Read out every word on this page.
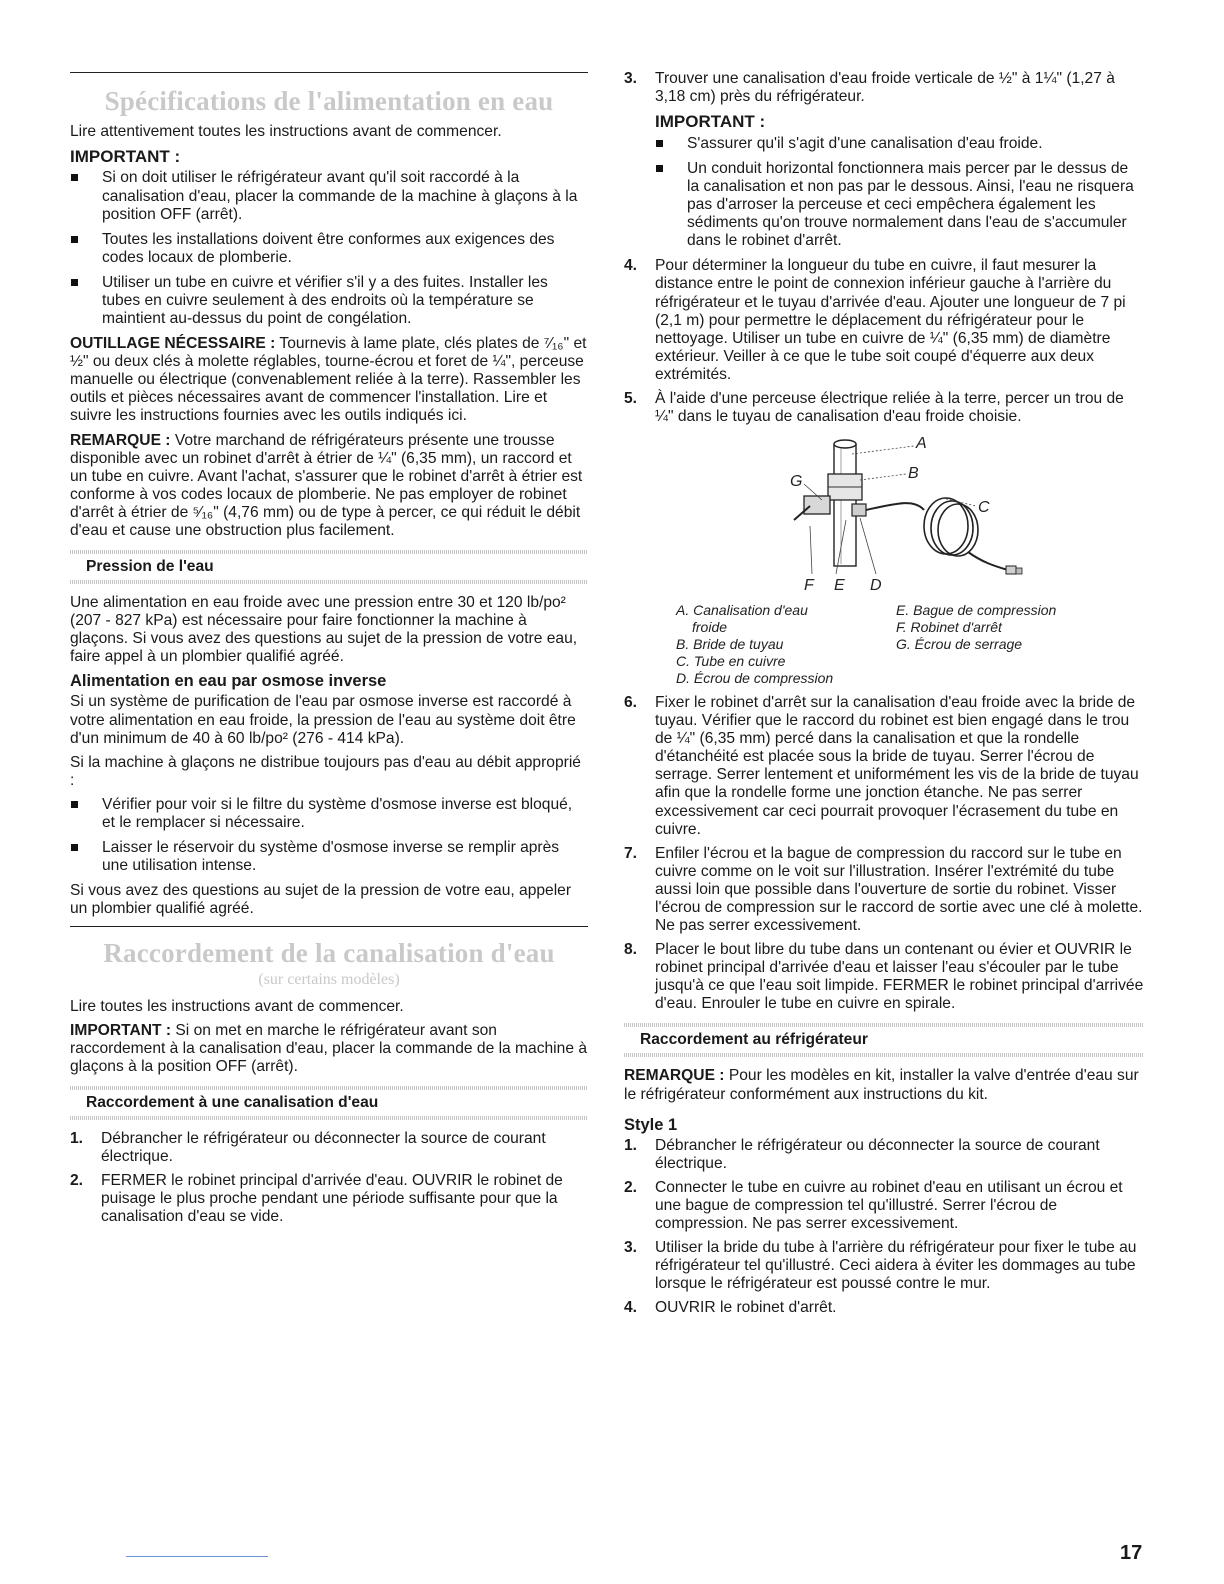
Spécifications de l'alimentation en eau

Lire attentivement toutes les instructions avant de commencer.

IMPORTANT :
Si on doit utiliser le réfrigérateur avant qu'il soit raccordé à la canalisation d'eau, placer la commande de la machine à glaçons à la position OFF (arrêt).
Toutes les installations doivent être conformes aux exigences des codes locaux de plomberie.
Utiliser un tube en cuivre et vérifier s'il y a des fuites. Installer les tubes en cuivre seulement à des endroits où la température se maintient au-dessus du point de congélation.

OUTILLAGE NÉCESSAIRE : Tournevis à lame plate, clés plates de ⁷⁄₁₆" et ½" ou deux clés à molette réglables, tourne-écrou et foret de ¼", perceuse manuelle ou électrique (convenablement reliée à la terre). Rassembler les outils et pièces nécessaires avant de commencer l'installation. Lire et suivre les instructions fournies avec les outils indiqués ici.

REMARQUE : Votre marchand de réfrigérateurs présente une trousse disponible avec un robinet d'arrêt à étrier de ¼" (6,35 mm), un raccord et un tube en cuivre. Avant l'achat, s'assurer que le robinet d'arrêt à étrier est conforme à vos codes locaux de plomberie. Ne pas employer de robinet d'arrêt à étrier de ⁵⁄₁₆" (4,76 mm) ou de type à percer, ce qui réduit le débit d'eau et cause une obstruction plus facilement.

Pression de l'eau

Une alimentation en eau froide avec une pression entre 30 et 120 lb/po² (207 - 827 kPa) est nécessaire pour faire fonctionner la machine à glaçons. Si vous avez des questions au sujet de la pression de votre eau, faire appel à un plombier qualifié agréé.

Alimentation en eau par osmose inverse

Si un système de purification de l'eau par osmose inverse est raccordé à votre alimentation en eau froide, la pression de l'eau au système doit être d'un minimum de 40 à 60 lb/po² (276 - 414 kPa).

Si la machine à glaçons ne distribue toujours pas d'eau au débit approprié :

Vérifier pour voir si le filtre du système d'osmose inverse est bloqué, et le remplacer si nécessaire.
Laisser le réservoir du système d'osmose inverse se remplir après une utilisation intense.

Si vous avez des questions au sujet de la pression de votre eau, appeler un plombier qualifié agréé.

Raccordement de la canalisation d'eau
(sur certains modèles)

Lire toutes les instructions avant de commencer.

IMPORTANT : Si on met en marche le réfrigérateur avant son raccordement à la canalisation d'eau, placer la commande de la machine à glaçons à la position OFF (arrêt).

Raccordement à une canalisation d'eau
1. Débrancher le réfrigérateur ou déconnecter la source de courant électrique.
2. FERMER le robinet principal d'arrivée d'eau. OUVRIR le robinet de puisage le plus proche pendant une période suffisante pour que la canalisation d'eau se vide.
3. Trouver une canalisation d'eau froide verticale de ½" à 1¼" (1,27 à 3,18 cm) près du réfrigérateur.
IMPORTANT :
S'assurer qu'il s'agit d'une canalisation d'eau froide.
Un conduit horizontal fonctionnera mais percer par le dessus de la canalisation et non pas par le dessous. Ainsi, l'eau ne risquera pas d'arroser la perceuse et ceci empêchera également les sédiments qu'on trouve normalement dans l'eau de s'accumuler dans le robinet d'arrêt.
4. Pour déterminer la longueur du tube en cuivre, il faut mesurer la distance entre le point de connexion inférieur gauche à l'arrière du réfrigérateur et le tuyau d'arrivée d'eau. Ajouter une longueur de 7 pi (2,1 m) pour permettre le déplacement du réfrigérateur pour le nettoyage. Utiliser un tube en cuivre de ¼" (6,35 mm) de diamètre extérieur. Veiller à ce que le tube soit coupé d'équerre aux deux extrémités.
5. À l'aide d'une perceuse électrique reliée à la terre, percer un trou de ¼" dans le tuyau de canalisation d'eau froide choisie.
A
B
C
G
F E D
A. Canalisation d'eau
froide
B. Bride de tuyau
C. Tube en cuivre
D. Écrou de compression
E. Bague de compression
F. Robinet d'arrêt
G. Écrou de serrage
6. Fixer le robinet d'arrêt sur la canalisation d'eau froide avec la bride de tuyau. Vérifier que le raccord du robinet est bien engagé dans le trou de ¼" (6,35 mm) percé dans la canalisation et que la rondelle d'étanchéité est placée sous la bride de tuyau. Serrer l'écrou de serrage. Serrer lentement et uniformément les vis de la bride de tuyau afin que la rondelle forme une jonction étanche. Ne pas serrer excessivement car ceci pourrait provoquer l'écrasement du tube en cuivre.
7. Enfiler l'écrou et la bague de compression du raccord sur le tube en cuivre comme on le voit sur l'illustration. Insérer l'extrémité du tube aussi loin que possible dans l'ouverture de sortie du robinet. Visser l'écrou de compression sur le raccord de sortie avec une clé à molette. Ne pas serrer excessivement.
8. Placer le bout libre du tube dans un contenant ou évier et OUVRIR le robinet principal d'arrivée d'eau et laisser l'eau s'écouler par le tube jusqu'à ce que l'eau soit limpide. FERMER le robinet principal d'arrivée d'eau. Enrouler le tube en cuivre en spirale.
Raccordement au réfrigérateur

REMARQUE : Pour les modèles en kit, installer la valve d'entrée d'eau sur le réfrigérateur conformément aux instructions du kit.

Style 1
1. Débrancher le réfrigérateur ou déconnecter la source de courant électrique.
2. Connecter le tube en cuivre au robinet d'eau en utilisant un écrou et une bague de compression tel qu'illustré. Serrer l'écrou de compression. Ne pas serrer excessivement.
3. Utiliser la bride du tube à l'arrière du réfrigérateur pour fixer le tube au réfrigérateur tel qu'illustré. Ceci aidera à éviter les dommages au tube lorsque le réfrigérateur est poussé contre le mur.
4. OUVRIR le robinet d'arrêt.
17
